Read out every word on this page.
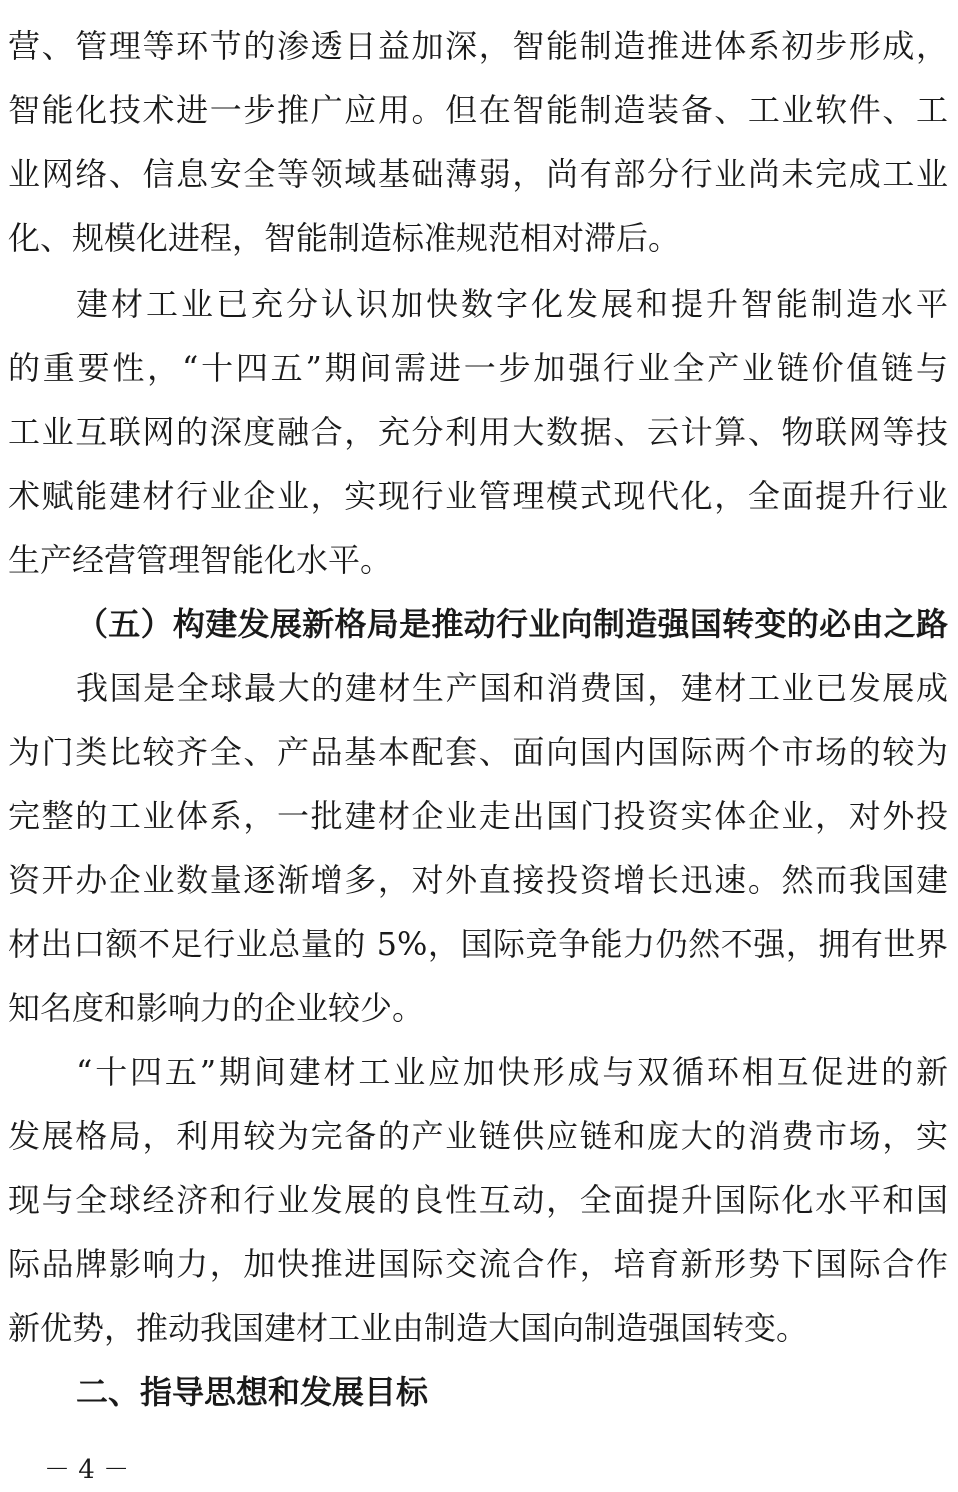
营、管理等环节的渗透日益加深，智能制造推进体系初步形成，
智能化技术进一步推广应用。但在智能制造装备、工业软件、工
业网络、信息安全等领域基础薄弱，尚有部分行业尚未完成工业
化、规模化进程，智能制造标准规范相对滞后。
建材工业已充分认识加快数字化发展和提升智能制造水平
的重要性，“十四五”期间需进一步加强行业全产业链价值链与
工业互联网的深度融合，充分利用大数据、云计算、物联网等技
术赋能建材行业企业，实现行业管理模式现代化，全面提升行业
生产经营管理智能化水平。
（五）构建发展新格局是推动行业向制造强国转变的必由之路
我国是全球最大的建材生产国和消费国，建材工业已发展成
为门类比较齐全、产品基本配套、面向国内国际两个市场的较为
完整的工业体系，一批建材企业走出国门投资实体企业，对外投
资开办企业数量逐渐增多，对外直接投资增长迅速。然而我国建
材出口额不足行业总量的 5%，国际竞争能力仍然不强，拥有世界
知名度和影响力的企业较少。
“十四五”期间建材工业应加快形成与双循环相互促进的新
发展格局，利用较为完备的产业链供应链和庞大的消费市场，实
现与全球经济和行业发展的良性互动，全面提升国际化水平和国
际品牌影响力，加快推进国际交流合作，培育新形势下国际合作
新优势，推动我国建材工业由制造大国向制造强国转变。
二、指导思想和发展目标
－ 4 －
